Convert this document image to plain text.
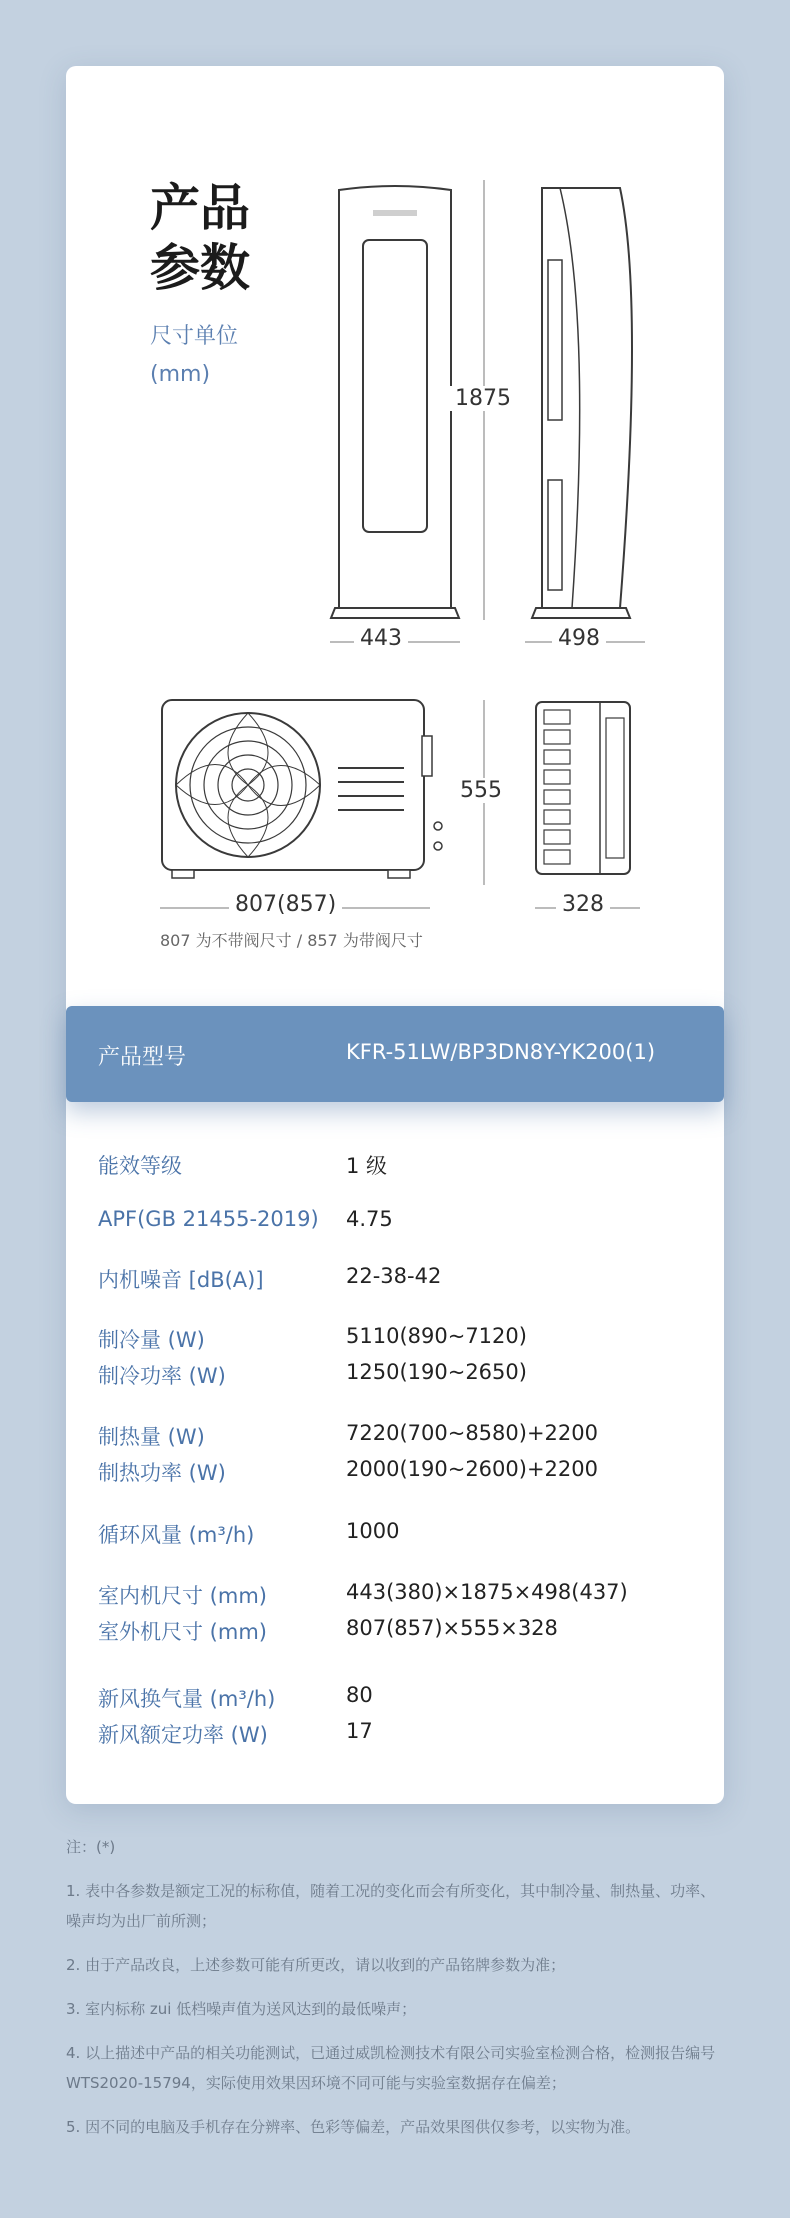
产品
参数
尺寸单位
(mm)
1875
443	498
555
807(857)	328
807 为不带阀尺寸 / 857 为带阀尺寸
产品型号	KFR-51LW/BP3DN8Y-YK200(1)
能效等级	1 级
APF(GB 21455-2019) 4.75
内机噪音 [dB(A)]	22-38-42
制冷量 (W)	5110(890~7120)
制冷功率 (W)	1250(190~2650)
制热量 (W)	7220(700~8580)+2200
制热功率 (W)	2000(190~2600)+2200
循环风量 (m³/h)	1000
室内机尺寸 (mm)	443(380)×1875×498(437)
室外机尺寸 (mm)	807(857)×555×328
新风换气量 (m³/h)	80
新风额定功率 (W)	17

注：(*)

1. 表中各参数是额定工况的标称值，随着工况的变化而会有所变化，其中制冷量、制热量、功率、噪声均为出厂前所测；

2. 由于产品改良，上述参数可能有所更改，请以收到的产品铭牌参数为准；

3. 室内标称 zui 低档噪声值为送风达到的最低噪声；

4. 以上描述中产品的相关功能测试，已通过威凯检测技术有限公司实验室检测合格，检测报告编号 WTS2020-15794，实际使用效果因环境不同可能与实验室数据存在偏差；

5. 因不同的电脑及手机存在分辨率、色彩等偏差，产品效果图供仅参考，以实物为准。
